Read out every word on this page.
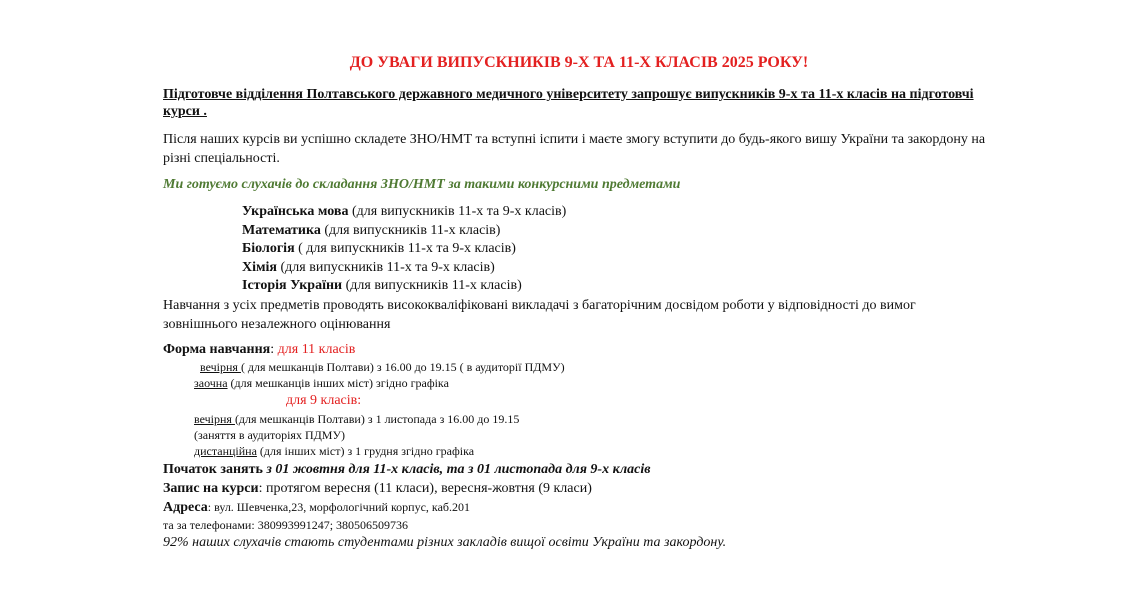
ДО УВАГИ ВИПУСКНИКІВ 9-Х ТА 11-Х КЛАСІВ 2025 РОКУ!
Підготовче відділення Полтавського державного медичного університету запрошує випускників 9-х та 11-х класів на підготовчі курси .
Після наших курсів ви успішно складете ЗНО/НМТ та вступні іспити і маєте змогу вступити до будь-якого вишу України та закордону на різні спеціальності.
Ми готуємо слухачів до складання ЗНО/НМТ за такими конкурсними предметами
Українська мова (для випускників 11-х та 9-х класів)
Математика (для випускників 11-х класів)
Біологія ( для випускників 11-х та 9-х класів)
Хімія (для випускників 11-х та 9-х класів)
Історія України (для випускників 11-х класів)
Навчання з усіх предметів проводять висококваліфіковані викладачі з багаторічним досвідом роботи у відповідності до вимог зовнішнього незалежного оцінювання
Форма навчання: для 11 класів
вечірня ( для мешканців Полтави) з 16.00 до 19.15 ( в аудиторії ПДМУ)
заочна (для мешканців інших міст) згідно графіка
для 9 класів:
вечірня (для мешканців Полтави) з 1 листопада з 16.00 до 19.15
(заняття в аудиторіях ПДМУ)
дистанційна (для інших міст) з 1 грудня згідно графіка
Початок занять з 01 жовтня для 11-х класів, та з 01 листопада для 9-х класів
Запис на курси: протягом вересня (11 класи), вересня-жовтня (9 класи)
Адреса: вул. Шевченка,23, морфологічний корпус, каб.201
та за телефонами: 380993991247; 380506509736
92% наших слухачів стають студентами різних закладів вищої освіти України та закордону.
